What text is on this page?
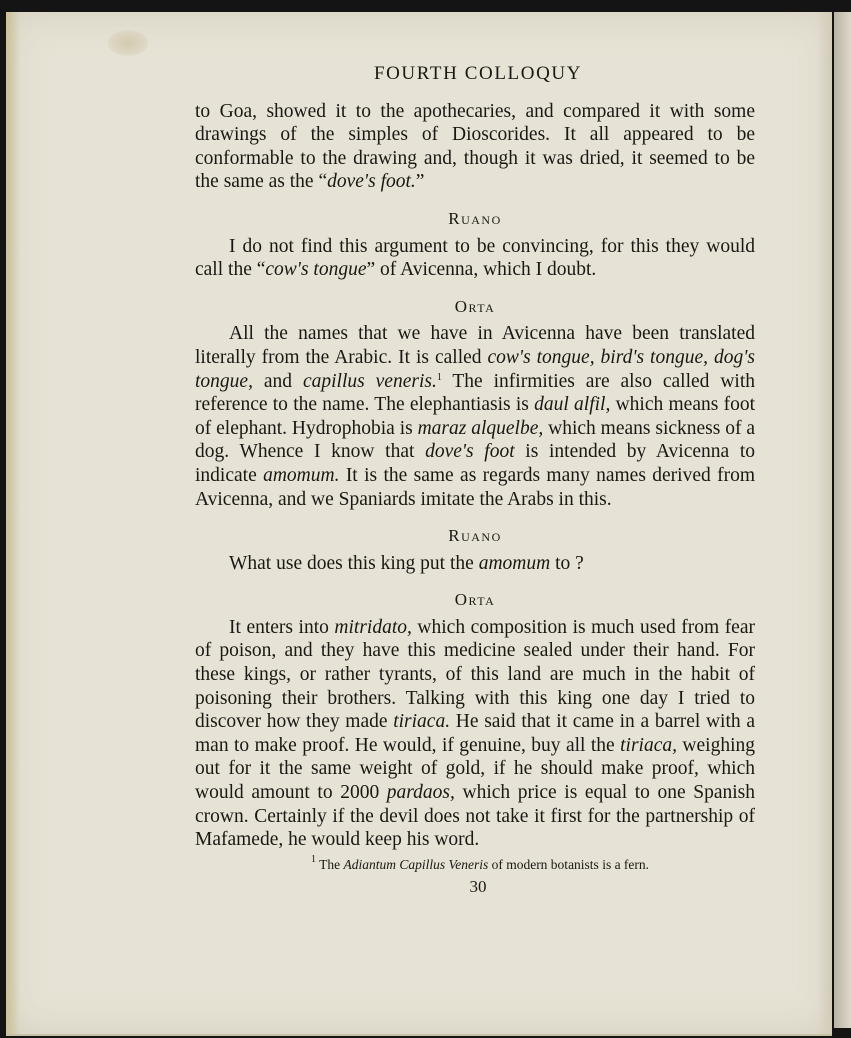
FOURTH COLLOQUY

to Goa, showed it to the apothecaries, and compared it with some drawings of the simples of Dioscorides. It all appeared to be conformable to the drawing and, though it was dried, it seemed to be the same as the “dove's foot.”

Ruano

I do not find this argument to be convincing, for this they would call the “cow's tongue” of Avicenna, which I doubt.

Orta

All the names that we have in Avicenna have been translated literally from the Arabic. It is called cow's tongue, bird's tongue, dog's tongue, and capillus veneris.$^1$ The infirmities are also called with reference to the name. The elephantiasis is daul alfil, which means foot of elephant. Hydrophobia is maraz alquelbe, which means sickness of a dog. Whence I know that dove's foot is intended by Avicenna to indicate amomum. It is the same as regards many names derived from Avicenna, and we Spaniards imitate the Arabs in this.

Ruano

What use does this king put the amomum to ?

Orta

It enters into mitridato, which composition is much used from fear of poison, and they have this medicine sealed under their hand. For these kings, or rather tyrants, of this land are much in the habit of poisoning their brothers. Talking with this king one day I tried to discover how they made tiriaca. He said that it came in a barrel with a man to make proof. He would, if genuine, buy all the tiriaca, weighing out for it the same weight of gold, if he should make proof, which would amount to 2000 pardaos, which price is equal to one Spanish crown. Certainly if the devil does not take it first for the partnership of Mafamede, he would keep his word.

$^1$ The Adiantum Capillus Veneris of modern botanists is a fern.
30
